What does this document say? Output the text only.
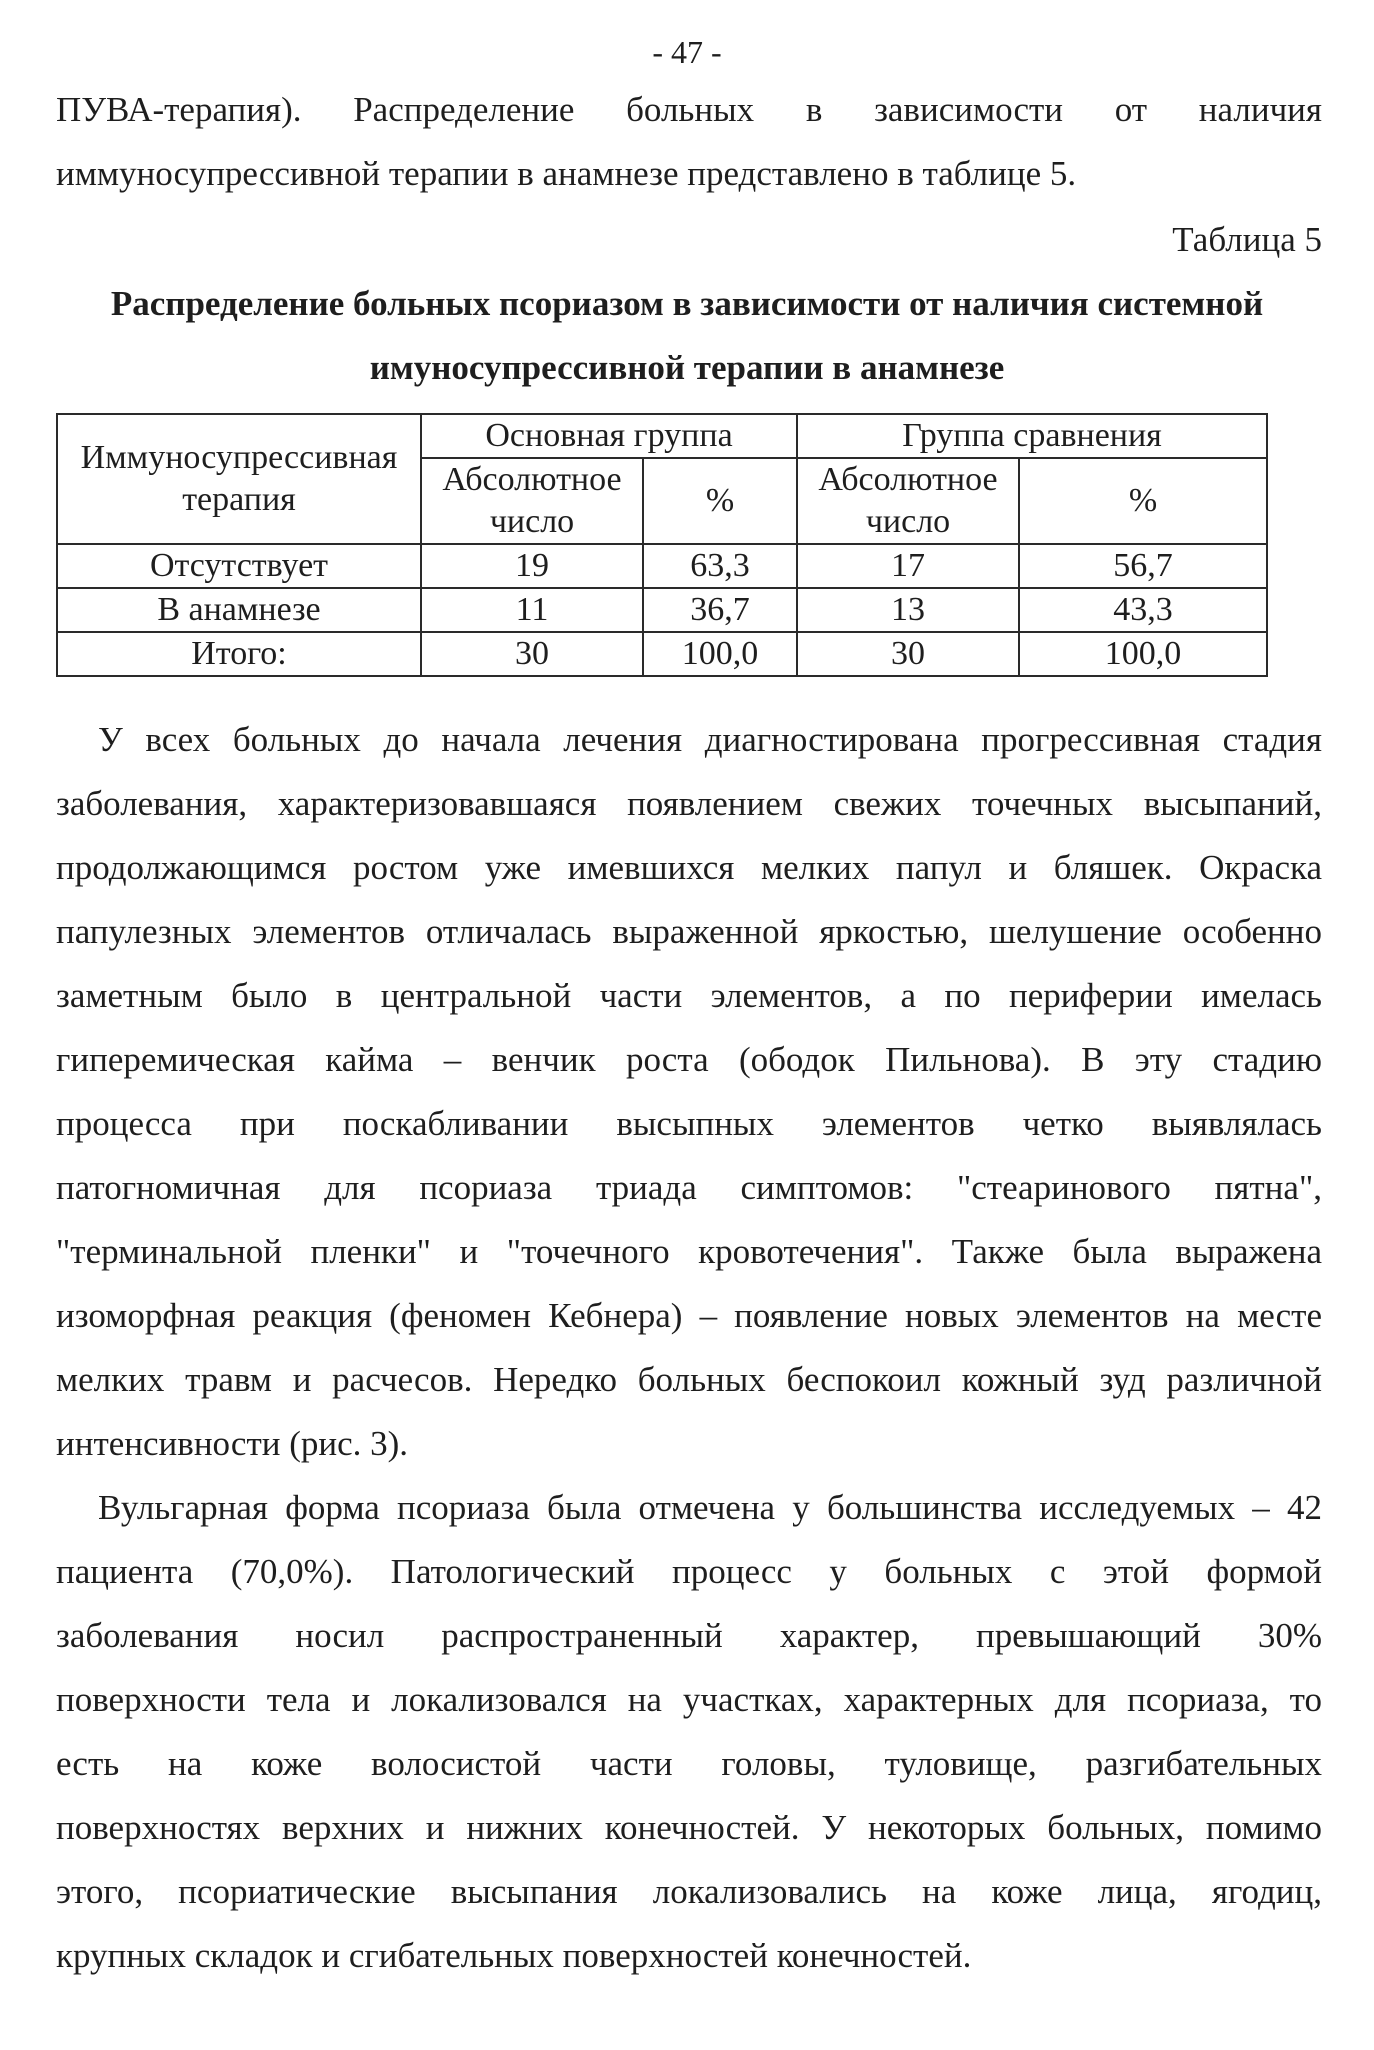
- 47 -
ПУВА-терапия). Распределение больных в зависимости от наличия
иммуносупрессивной терапии в анамнезе представлено в таблице 5.
Таблица 5
Распределение больных псориазом в зависимости от наличия системной
имуносупрессивной терапии в анамнезе
Иммуносупрессивная терапия	Основная группа		Группа сравнения	
	Абсолютное число	%	Абсолютное число	%
Отсутствует	19	63,3	17	56,7
В анамнезе	11	36,7	13	43,3
Итого:	30	100,0	30	100,0
У всех больных до начала лечения диагностирована прогрессивная стадия
заболевания, характеризовавшаяся появлением свежих точечных высыпаний,
продолжающимся ростом уже имевшихся мелких папул и бляшек. Окраска
папулезных элементов отличалась выраженной яркостью, шелушение особенно
заметным было в центральной части элементов, а по периферии имелась
гиперемическая кайма – венчик роста (ободок Пильнова). В эту стадию
процесса при поскабливании высыпных элементов четко выявлялась
патогномичная для псориаза триада симптомов: "стеаринового пятна",
"терминальной пленки" и "точечного кровотечения". Также была выражена
изоморфная реакция (феномен Кебнера) – появление новых элементов на месте
мелких травм и расчесов. Нередко больных беспокоил кожный зуд различной
интенсивности (рис. 3).
Вульгарная форма псориаза была отмечена у большинства исследуемых – 42
пациента (70,0%). Патологический процесс у больных с этой формой
заболевания носил распространенный характер, превышающий 30%
поверхности тела и локализовался на участках, характерных для псориаза, то
есть на коже волосистой части головы, туловище, разгибательных
поверхностях верхних и нижних конечностей. У некоторых больных, помимо
этого, псориатические высыпания локализовались на коже лица, ягодиц,
крупных складок и сгибательных поверхностей конечностей.
